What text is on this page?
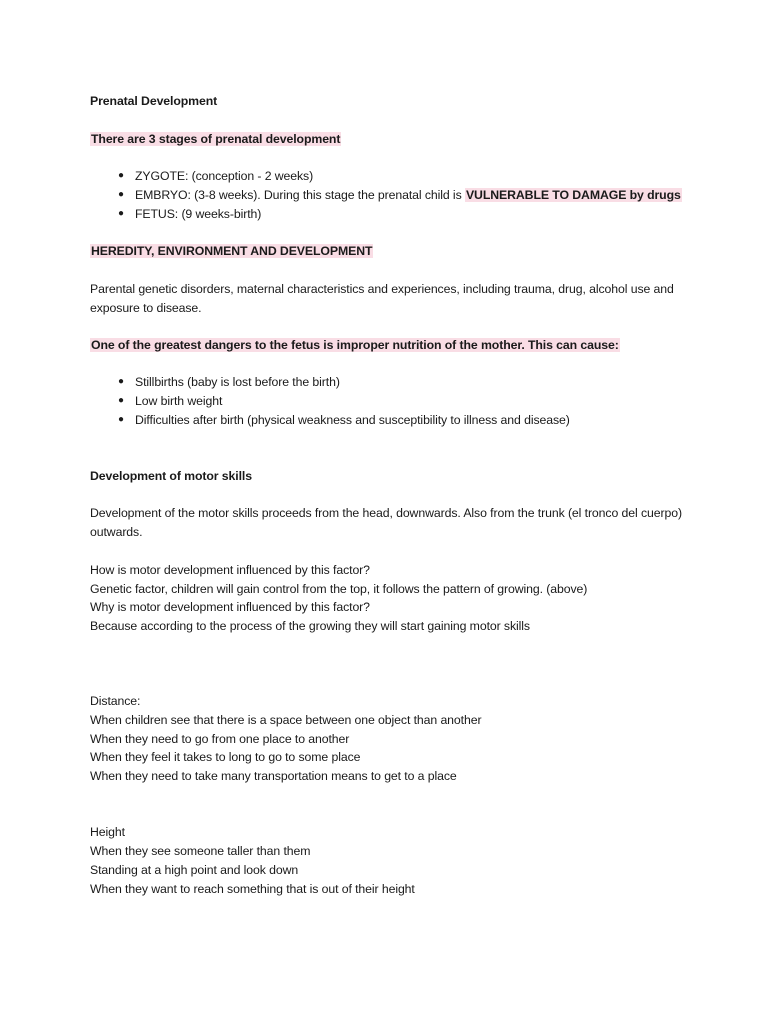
Prenatal Development
There are 3 stages of prenatal development
● ZYGOTE: (conception - 2 weeks)
● EMBRYO: (3-8 weeks). During this stage the prenatal child is VULNERABLE TO DAMAGE by drugs
● FETUS: (9 weeks-birth)
HEREDITY, ENVIRONMENT AND DEVELOPMENT
Parental genetic disorders, maternal characteristics and experiences, including trauma, drug, alcohol use and
exposure to disease.
One of the greatest dangers to the fetus is improper nutrition of the mother. This can cause:
● Stillbirths (baby is lost before the birth)
● Low birth weight
● Difficulties after birth (physical weakness and susceptibility to illness and disease)
Development of motor skills
Development of the motor skills proceeds from the head, downwards. Also from the trunk (el tronco del cuerpo)
outwards.
How is motor development influenced by this factor?
Genetic factor, children will gain control from the top, it follows the pattern of growing. (above)
Why is motor development influenced by this factor?
Because according to the process of the growing they will start gaining motor skills
Distance:
When children see that there is a space between one object than another
When they need to go from one place to another
When they feel it takes to long to go to some place
When they need to take many transportation means to get to a place
Height
When they see someone taller than them
Standing at a high point and look down
When they want to reach something that is out of their height
